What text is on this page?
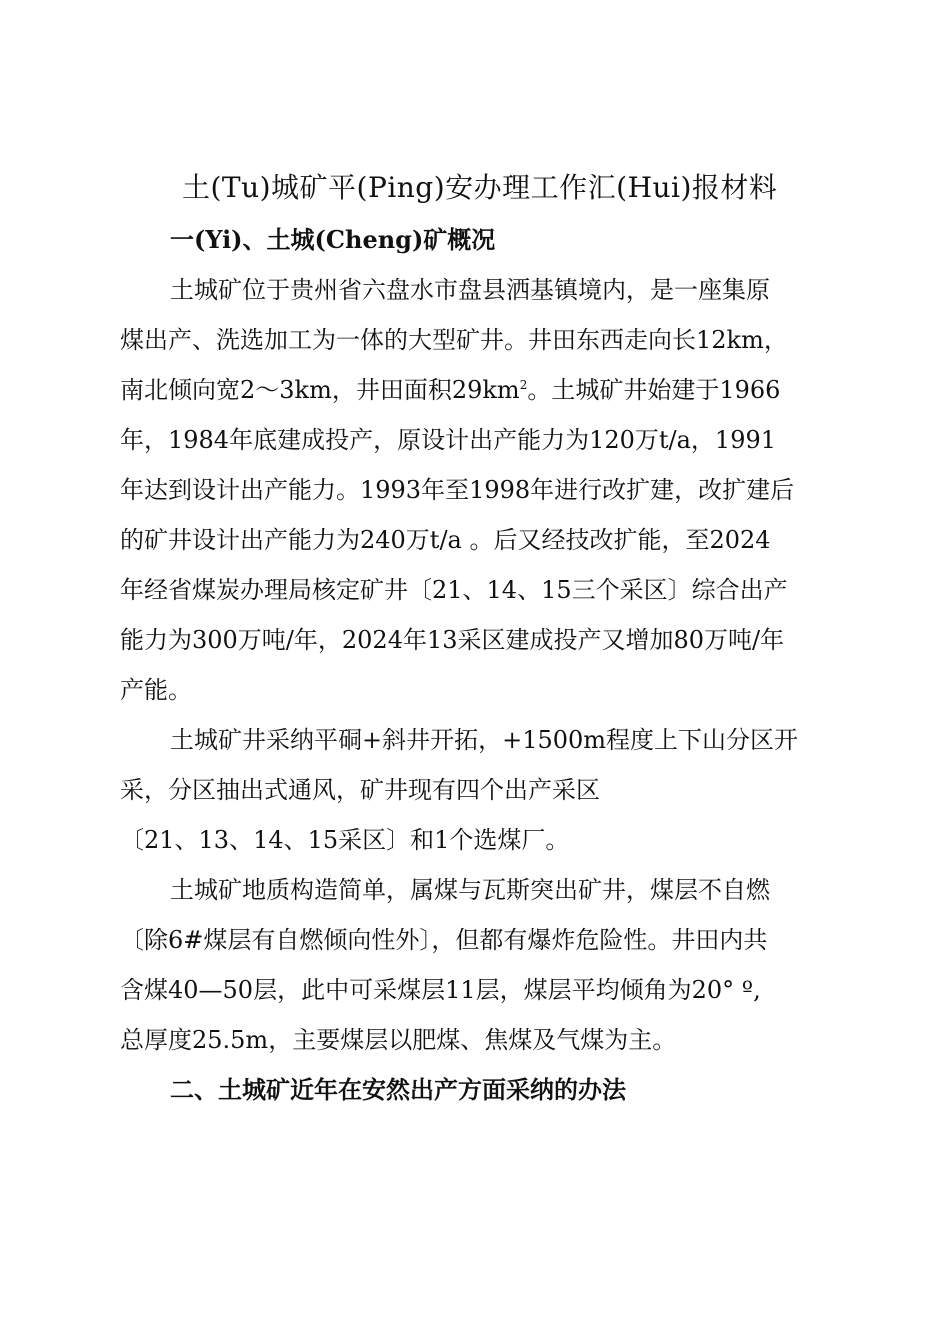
土(Tu)城矿平(Ping)安办理工作汇(Hui)报材料
一(Yi)、土城(Cheng)矿概况
土城矿位于贵州省六盘水市盘县洒基镇境内，是一座集原
煤出产、洗选加工为一体的大型矿井。井田东西走向长12km，
南北倾向宽2～3km，井田面积$29km^2$。土城矿井始建于1966
年，1984年底建成投产，原设计出产能力为120万t/a，1991
年达到设计出产能力。1993年至1998年进行改扩建，改扩建后
的矿井设计出产能力为240万t/a 。后又经技改扩能，至2024
年经省煤炭办理局核定矿井〔21、14、15三个采区〕综合出产
能力为300万吨/年，2024年13采区建成投产又增加80万吨/年
产能。
土城矿井采纳平硐+斜井开拓，+1500m程度上下山分区开
采，分区抽出式通风，矿井现有四个出产采区
〔21、13、14、15采区〕和1个选煤厂。
土城矿地质构造简单，属煤与瓦斯突出矿井，煤层不自燃
〔除6#煤层有自燃倾向性外〕，但都有爆炸危险性。井田内共
含煤40—50层，此中可采煤层11层，煤层平均倾角为20° º,
总厚度25.5m，主要煤层以肥煤、焦煤及气煤为主。
二、土城矿近年在安然出产方面采纳的办法
